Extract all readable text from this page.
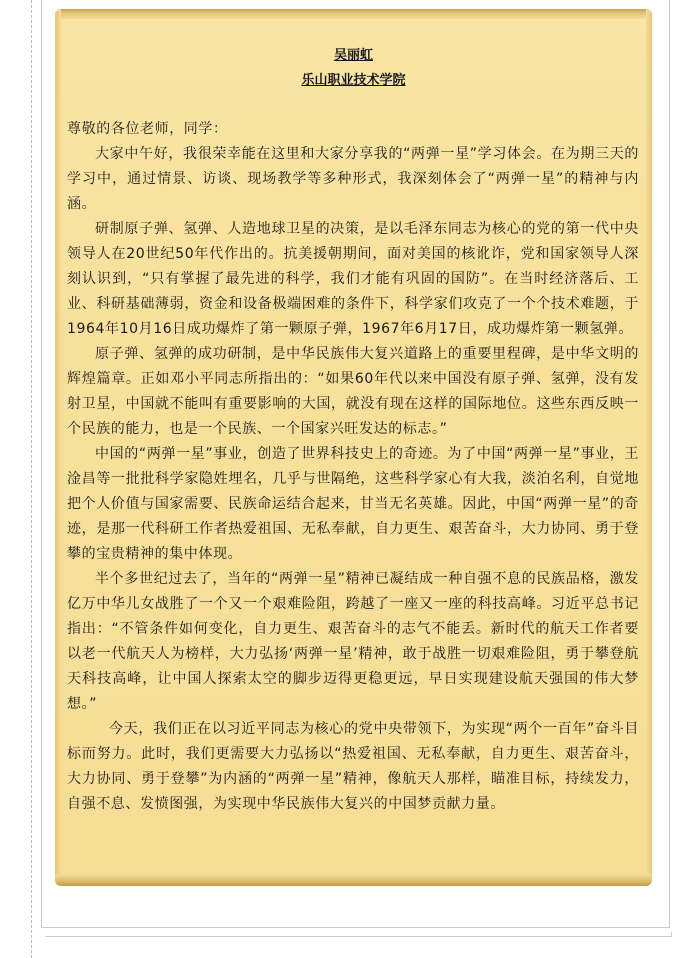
吴丽虹
乐山职业技术学院

尊敬的各位老师，同学：

大家中午好，我很荣幸能在这里和大家分享我的“两弹一星”学习体会。在为期三天的学习中，通过情景、访谈、现场教学等多种形式，我深刻体会了“两弹一星”的精神与内涵。

研制原子弹、氢弹、人造地球卫星的决策，是以毛泽东同志为核心的党的第一代中央领导人在20世纪50年代作出的。抗美援朝期间，面对美国的核讹诈，党和国家领导人深刻认识到，“只有掌握了最先进的科学，我们才能有巩固的国防”。在当时经济落后、工业、科研基础薄弱，资金和设备极端困难的条件下，科学家们攻克了一个个技术难题，于1964年10月16日成功爆炸了第一颗原子弹，1967年6月17日，成功爆炸第一颗氢弹。

原子弹、氢弹的成功研制，是中华民族伟大复兴道路上的重要里程碑，是中华文明的辉煌篇章。正如邓小平同志所指出的：“如果60年代以来中国没有原子弹、氢弹，没有发射卫星，中国就不能叫有重要影响的大国，就没有现在这样的国际地位。这些东西反映一个民族的能力，也是一个民族、一个国家兴旺发达的标志。”

中国的“两弹一星”事业，创造了世界科技史上的奇迹。为了中国“两弹一星”事业，王淦昌等一批批科学家隐姓埋名，几乎与世隔绝，这些科学家心有大我，淡泊名利，自觉地把个人价值与国家需要、民族命运结合起来，甘当无名英雄。因此，中国“两弹一星”的奇迹，是那一代科研工作者热爱祖国、无私奉献，自力更生、艰苦奋斗，大力协同、勇于登攀的宝贵精神的集中体现。

半个多世纪过去了，当年的“两弹一星”精神已凝结成一种自强不息的民族品格，激发亿万中华儿女战胜了一个又一个艰难险阻，跨越了一座又一座的科技高峰。习近平总书记指出：“不管条件如何变化，自力更生、艰苦奋斗的志气不能丢。新时代的航天工作者要以老一代航天人为榜样，大力弘扬‘两弹一星’精神，敢于战胜一切艰难险阻，勇于攀登航天科技高峰，让中国人探索太空的脚步迈得更稳更远，早日实现建设航天强国的伟大梦想。”

今天，我们正在以习近平同志为核心的党中央带领下，为实现“两个一百年”奋斗目标而努力。此时，我们更需要大力弘扬以“热爱祖国、无私奉献，自力更生、艰苦奋斗，大力协同、勇于登攀”为内涵的“两弹一星”精神，像航天人那样，瞄准目标，持续发力，自强不息、发愤图强，为实现中华民族伟大复兴的中国梦贡献力量。
